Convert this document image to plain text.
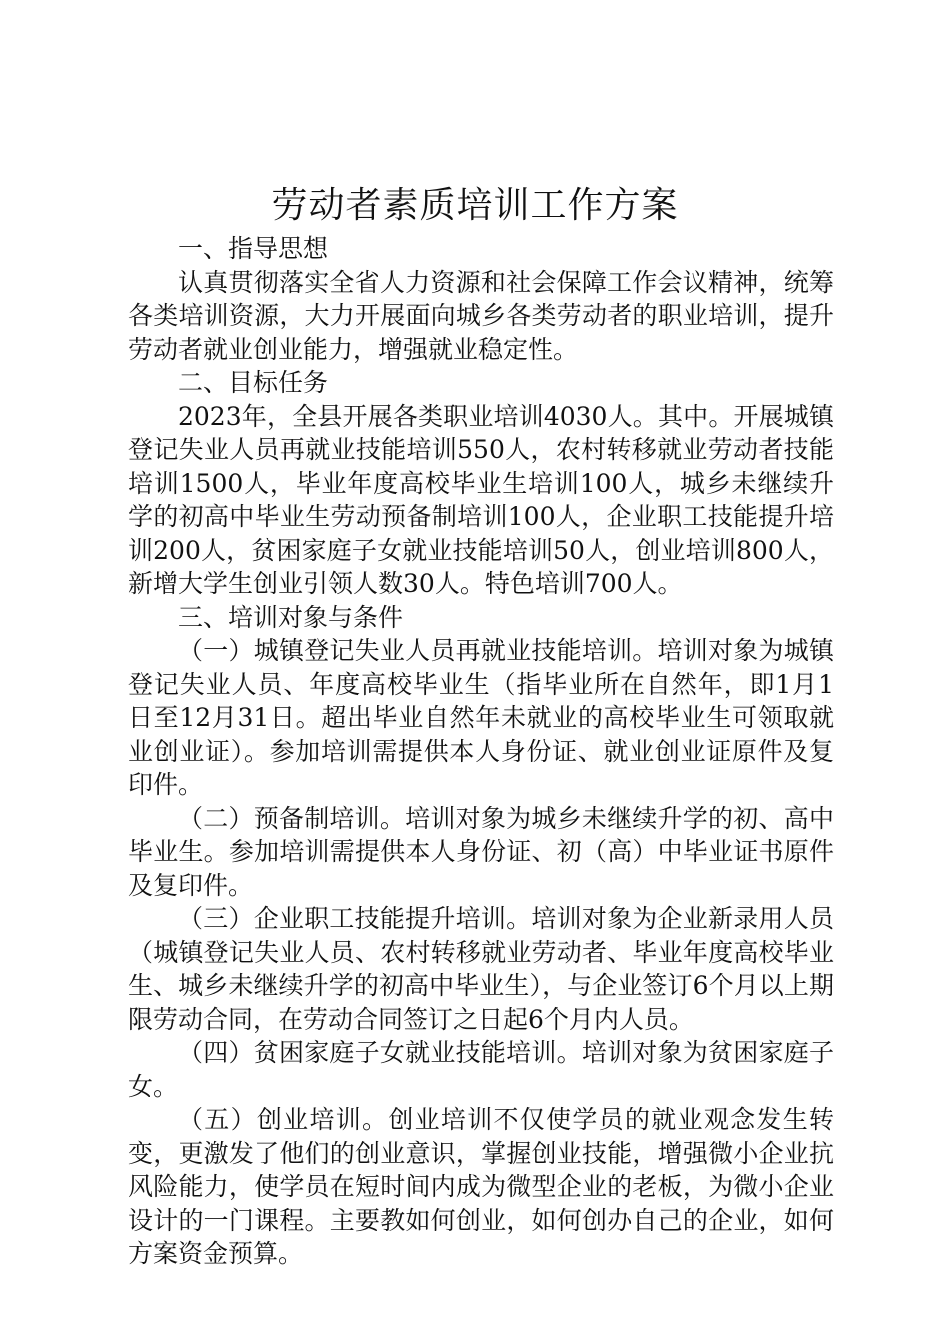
劳动者素质培训工作方案

一、指导思想

认真贯彻落实全省人力资源和社会保障工作会议精神，统筹各类培训资源，大力开展面向城乡各类劳动者的职业培训，提升劳动者就业创业能力，增强就业稳定性。

二、目标任务

2023年，全县开展各类职业培训4030人。其中。开展城镇登记失业人员再就业技能培训550人，农村转移就业劳动者技能培训1500人，毕业年度高校毕业生培训100人，城乡未继续升学的初高中毕业生劳动预备制培训100人，企业职工技能提升培训200人，贫困家庭子女就业技能培训50人，创业培训800人，新增大学生创业引领人数30人。特色培训700人。

三、培训对象与条件

（一）城镇登记失业人员再就业技能培训。培训对象为城镇登记失业人员、年度高校毕业生（指毕业所在自然年，即1月1日至12月31日。超出毕业自然年未就业的高校毕业生可领取就业创业证）。参加培训需提供本人身份证、就业创业证原件及复印件。

（二）预备制培训。培训对象为城乡未继续升学的初、高中毕业生。参加培训需提供本人身份证、初（高）中毕业证书原件及复印件。

（三）企业职工技能提升培训。培训对象为企业新录用人员（城镇登记失业人员、农村转移就业劳动者、毕业年度高校毕业生、城乡未继续升学的初高中毕业生），与企业签订6个月以上期限劳动合同，在劳动合同签订之日起6个月内人员。

（四）贫困家庭子女就业技能培训。培训对象为贫困家庭子女。

（五）创业培训。创业培训不仅使学员的就业观念发生转变，更激发了他们的创业意识，掌握创业技能，增强微小企业抗风险能力，使学员在短时间内成为微型企业的老板，为微小企业设计的一门课程。主要教如何创业，如何创办自己的企业，如何方案资金预算。
